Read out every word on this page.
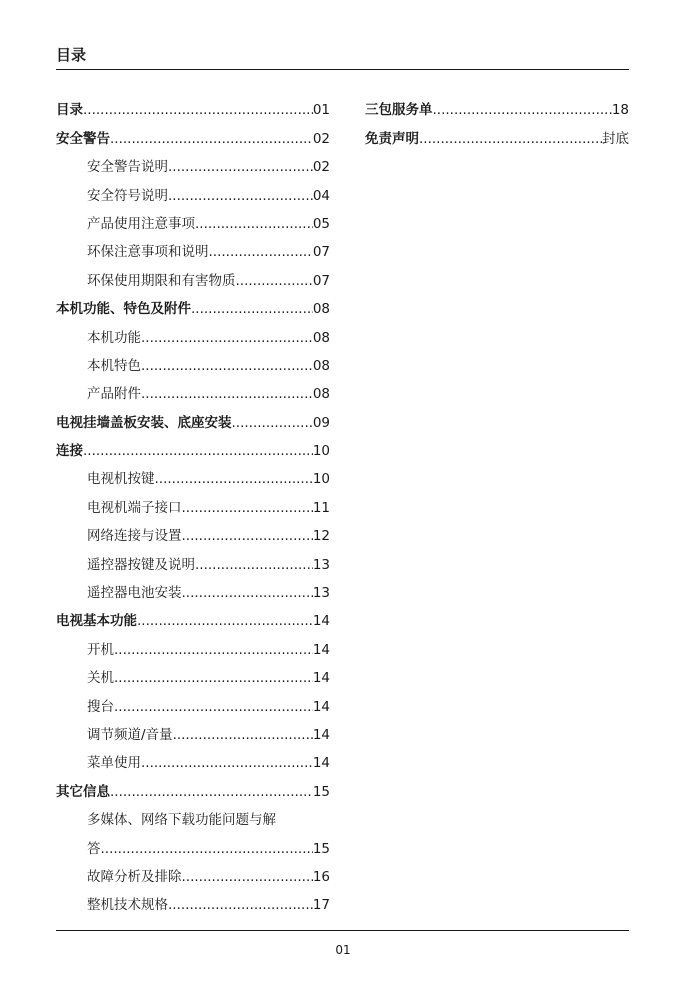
目录
目录 .....	01
安全警告 .....	02
安全警告说明 .....	02
安全符号说明 .....	04
产品使用注意事项 .....	05
环保注意事项和说明 .....	07
环保使用期限和有害物质 .....	07
本机功能、特色及附件 .....	08
本机功能 .....	08
本机特色 .....	08
产品附件 .....	08
电视挂墙盖板安装、底座安装 .....	09
连接 .....	10
电视机按键 .....	10
电视机端子接口 .....	11
网络连接与设置 .....	12
遥控器按键及说明 .....	13
遥控器电池安装 .....	13
电视基本功能 .....	14
开机 .....	14
关机 .....	14
搜台 .....	14
调节频道/音量 .....	14
菜单使用 .....	14
其它信息 .....	15
多媒体、网络下载功能问题与解
答 .....	15
故障分析及排除 .....	16
整机技术规格 .....	17
三包服务单 .....	18
免责声明 .....	封底
01
